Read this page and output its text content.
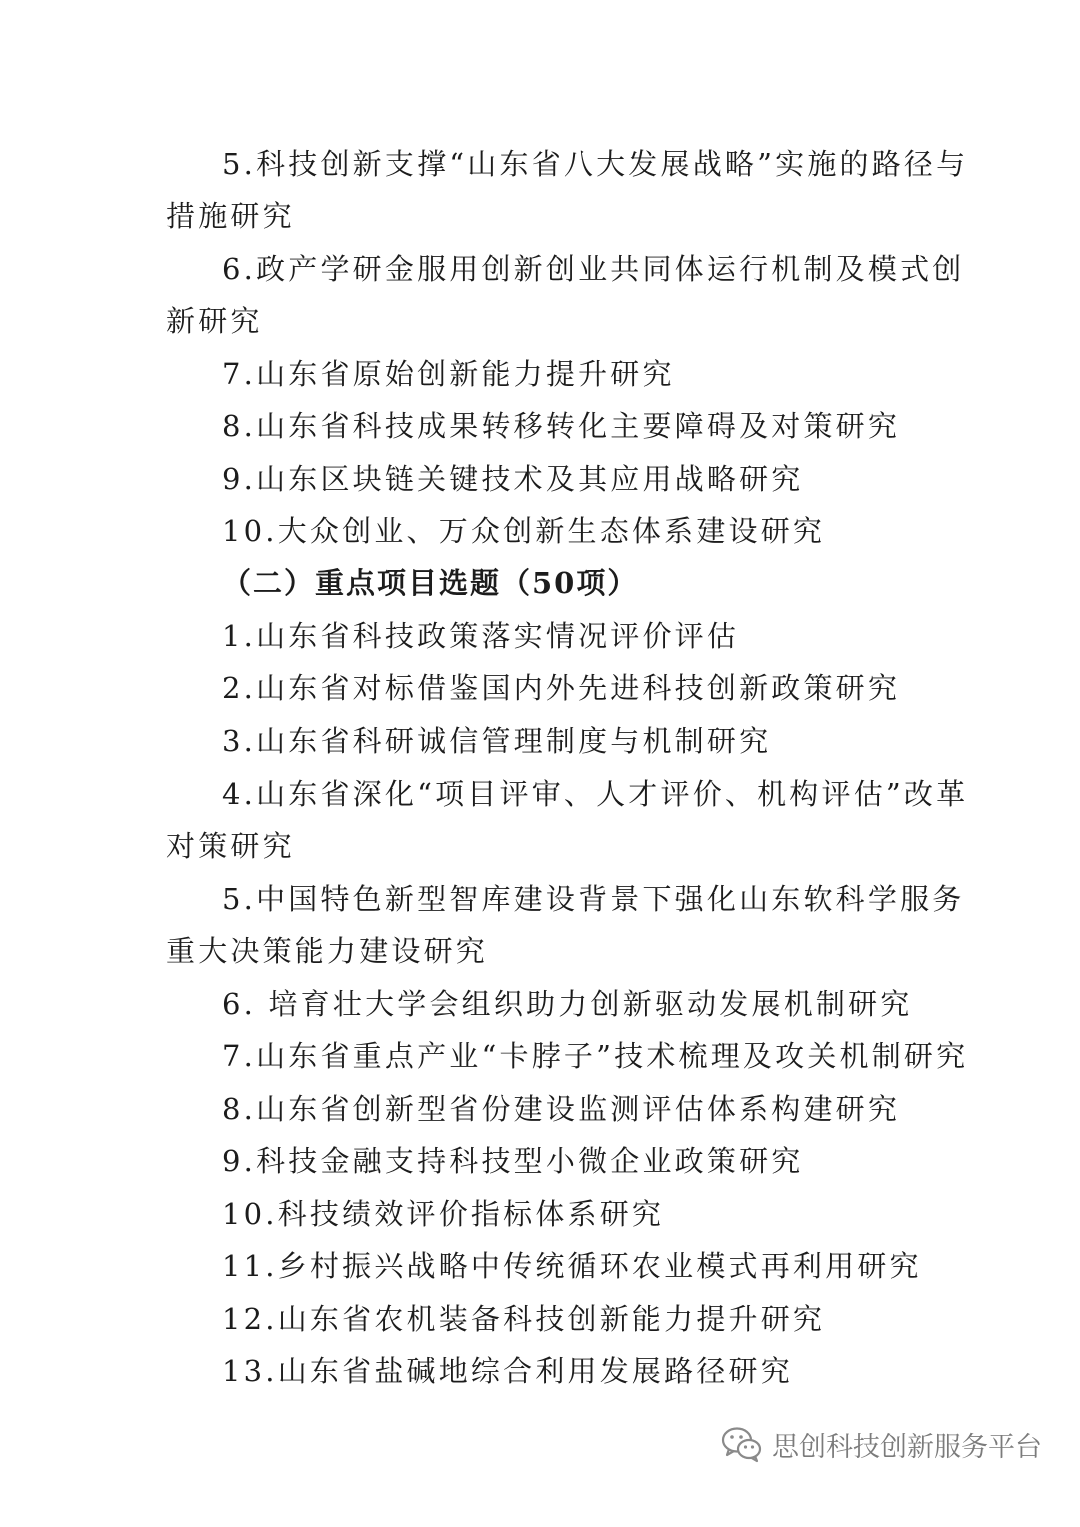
5.科技创新支撑“山东省八大发展战略”实施的路径与
措施研究
6.政产学研金服用创新创业共同体运行机制及模式创
新研究
7.山东省原始创新能力提升研究
8.山东省科技成果转移转化主要障碍及对策研究
9.山东区块链关键技术及其应用战略研究
10.大众创业、万众创新生态体系建设研究
（二）重点项目选题（50项）
1.山东省科技政策落实情况评价评估
2.山东省对标借鉴国内外先进科技创新政策研究
3.山东省科研诚信管理制度与机制研究
4.山东省深化“项目评审、人才评价、机构评估”改革
对策研究
5.中国特色新型智库建设背景下强化山东软科学服务
重大决策能力建设研究
6. 培育壮大学会组织助力创新驱动发展机制研究
7.山东省重点产业“卡脖子”技术梳理及攻关机制研究
8.山东省创新型省份建设监测评估体系构建研究
9.科技金融支持科技型小微企业政策研究
10.科技绩效评价指标体系研究
11.乡村振兴战略中传统循环农业模式再利用研究
12.山东省农机装备科技创新能力提升研究
13.山东省盐碱地综合利用发展路径研究
思创科技创新服务平台
